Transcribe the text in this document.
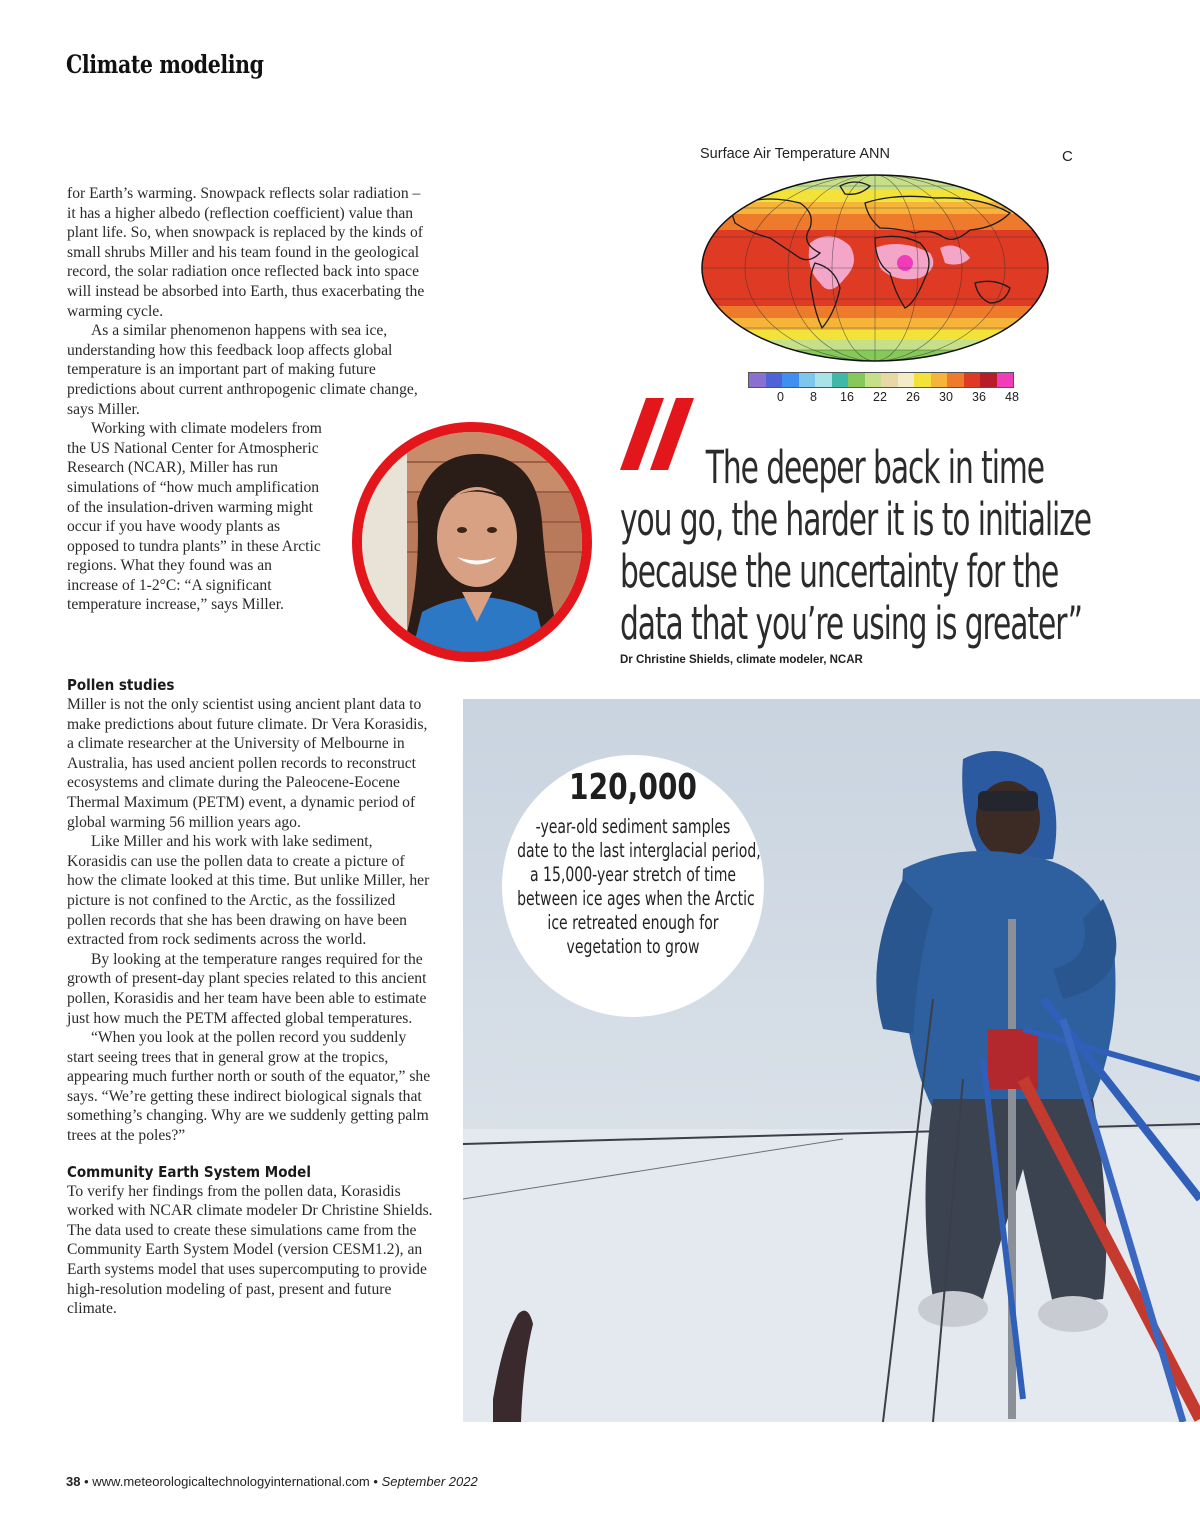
Climate modeling

for Earth’s warming. Snowpack reflects solar radiation – it has a higher albedo (reflection coefficient) value than plant life. So, when snowpack is replaced by the kinds of small shrubs Miller and his team found in the geological record, the solar radiation once reflected back into space will instead be absorbed into Earth, thus exacerbating the warming cycle.

As a similar phenomenon happens with sea ice, understanding how this feedback loop affects global temperature is an important part of making future predictions about current anthropogenic climate change, says Miller.

Working with climate modelers from the US National Center for Atmospheric Research (NCAR), Miller has run simulations of “how much amplification of the insulation-driven warming might occur if you have woody plants as opposed to tundra plants” in these Arctic regions. What they found was an increase of 1-2°C: “A significant temperature increase,” says Miller.

Pollen studies

Miller is not the only scientist using ancient plant data to make predictions about future climate. Dr Vera Korasidis, a climate researcher at the University of Melbourne in Australia, has used ancient pollen records to reconstruct ecosystems and climate during the Paleocene-Eocene Thermal Maximum (PETM) event, a dynamic period of global warming 56 million years ago.

Like Miller and his work with lake sediment, Korasidis can use the pollen data to create a picture of how the climate looked at this time. But unlike Miller, her picture is not confined to the Arctic, as the fossilized pollen records that she has been drawing on have been extracted from rock sediments across the world.

By looking at the temperature ranges required for the growth of present-day plant species related to this ancient pollen, Korasidis and her team have been able to estimate just how much the PETM affected global temperatures.

“When you look at the pollen record you suddenly start seeing trees that in general grow at the tropics, appearing much further north or south of the equator,” she says. “We’re getting these indirect biological signals that something’s changing. Why are we suddenly getting palm trees at the poles?”

Community Earth System Model

To verify her findings from the pollen data, Korasidis worked with NCAR climate modeler Dr Christine Shields. The data used to create these simulations came from the Community Earth System Model (version CESM1.2), an Earth systems model that uses supercomputing to provide high-resolution modeling of past, present and future climate.

Surface Air Temperature ANN	C
0 8 16 22 26 30 36 48
The deeper back in time
you go, the harder it is to initialize
because the uncertainty for the
data that you’re using is greater”
Dr Christine Shields, climate modeler, NCAR
120,000
-year-old sediment samples
date to the last interglacial period,
a 15,000-year stretch of time
between ice ages when the Arctic
ice retreated enough for
vegetation to grow
38 • www.meteorologicaltechnologyinternational.com • September 2022
